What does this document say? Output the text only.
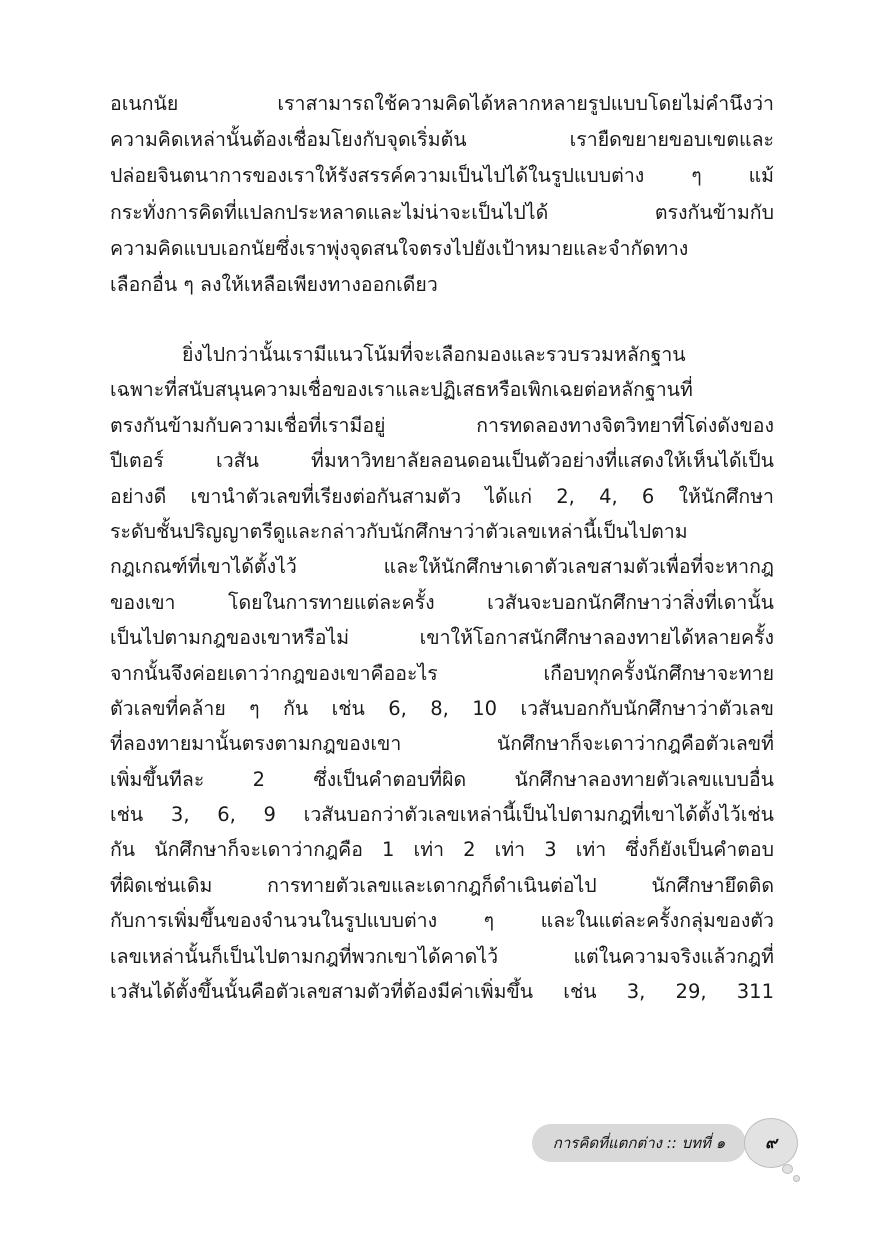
อเนกนัย เราสามารถใช้ความคิดได้หลากหลายรูปแบบโดยไม่คำนึงว่า
ความคิดเหล่านั้นต้องเชื่อมโยงกับจุดเริ่มต้น เรายืดขยายขอบเขตและ
ปล่อยจินตนาการของเราให้รังสรรค์ความเป็นไปได้ในรูปแบบต่าง ๆ แม้
กระทั่งการคิดที่แปลกประหลาดและไม่น่าจะเป็นไปได้ ตรงกันข้ามกับ
ความคิดแบบเอกนัยซึ่งเราพุ่งจุดสนใจตรงไปยังเป้าหมายและจำกัดทาง
เลือกอื่น ๆ ลงให้เหลือเพียงทางออกเดียว
ยิ่งไปกว่านั้นเรามีแนวโน้มที่จะเลือกมองและรวบรวมหลักฐาน
เฉพาะที่สนับสนุนความเชื่อของเราและปฏิเสธหรือเพิกเฉยต่อหลักฐานที่
ตรงกันข้ามกับความเชื่อที่เรามีอยู่ การทดลองทางจิตวิทยาที่โด่งดังของ
ปีเตอร์ เวสัน ที่มหาวิทยาลัยลอนดอนเป็นตัวอย่างที่แสดงให้เห็นได้เป็น
อย่างดี เขานำตัวเลขที่เรียงต่อกันสามตัว ได้แก่ 2, 4, 6 ให้นักศึกษา
ระดับชั้นปริญญาตรีดูและกล่าวกับนักศึกษาว่าตัวเลขเหล่านี้เป็นไปตาม
กฎเกณฑ์ที่เขาได้ตั้งไว้ และให้นักศึกษาเดาตัวเลขสามตัวเพื่อที่จะหากฎ
ของเขา โดยในการทายแต่ละครั้ง เวสันจะบอกนักศึกษาว่าสิ่งที่เดานั้น
เป็นไปตามกฎของเขาหรือไม่ เขาให้โอกาสนักศึกษาลองทายได้หลายครั้ง
จากนั้นจึงค่อยเดาว่ากฎของเขาคืออะไร เกือบทุกครั้งนักศึกษาจะทาย
ตัวเลขที่คล้าย ๆ กัน เช่น 6, 8, 10 เวสันบอกกับนักศึกษาว่าตัวเลข
ที่ลองทายมานั้นตรงตามกฎของเขา นักศึกษาก็จะเดาว่ากฎคือตัวเลขที่
เพิ่มขึ้นทีละ 2 ซึ่งเป็นคำตอบที่ผิด นักศึกษาลองทายตัวเลขแบบอื่น
เช่น 3, 6, 9 เวสันบอกว่าตัวเลขเหล่านี้เป็นไปตามกฎที่เขาได้ตั้งไว้เช่น
กัน นักศึกษาก็จะเดาว่ากฎคือ 1 เท่า 2 เท่า 3 เท่า ซึ่งก็ยังเป็นคำตอบ
ที่ผิดเช่นเดิม การทายตัวเลขและเดากฎก็ดำเนินต่อไป นักศึกษายึดติด
กับการเพิ่มขึ้นของจำนวนในรูปแบบต่าง ๆ และในแต่ละครั้งกลุ่มของตัว
เลขเหล่านั้นก็เป็นไปตามกฎที่พวกเขาได้คาดไว้ แต่ในความจริงแล้วกฎที่
เวสันได้ตั้งขึ้นนั้นคือตัวเลขสามตัวที่ต้องมีค่าเพิ่มขึ้น เช่น 3, 29, 311
การคิดที่แตกต่าง :: บทที่ ๑	๙
